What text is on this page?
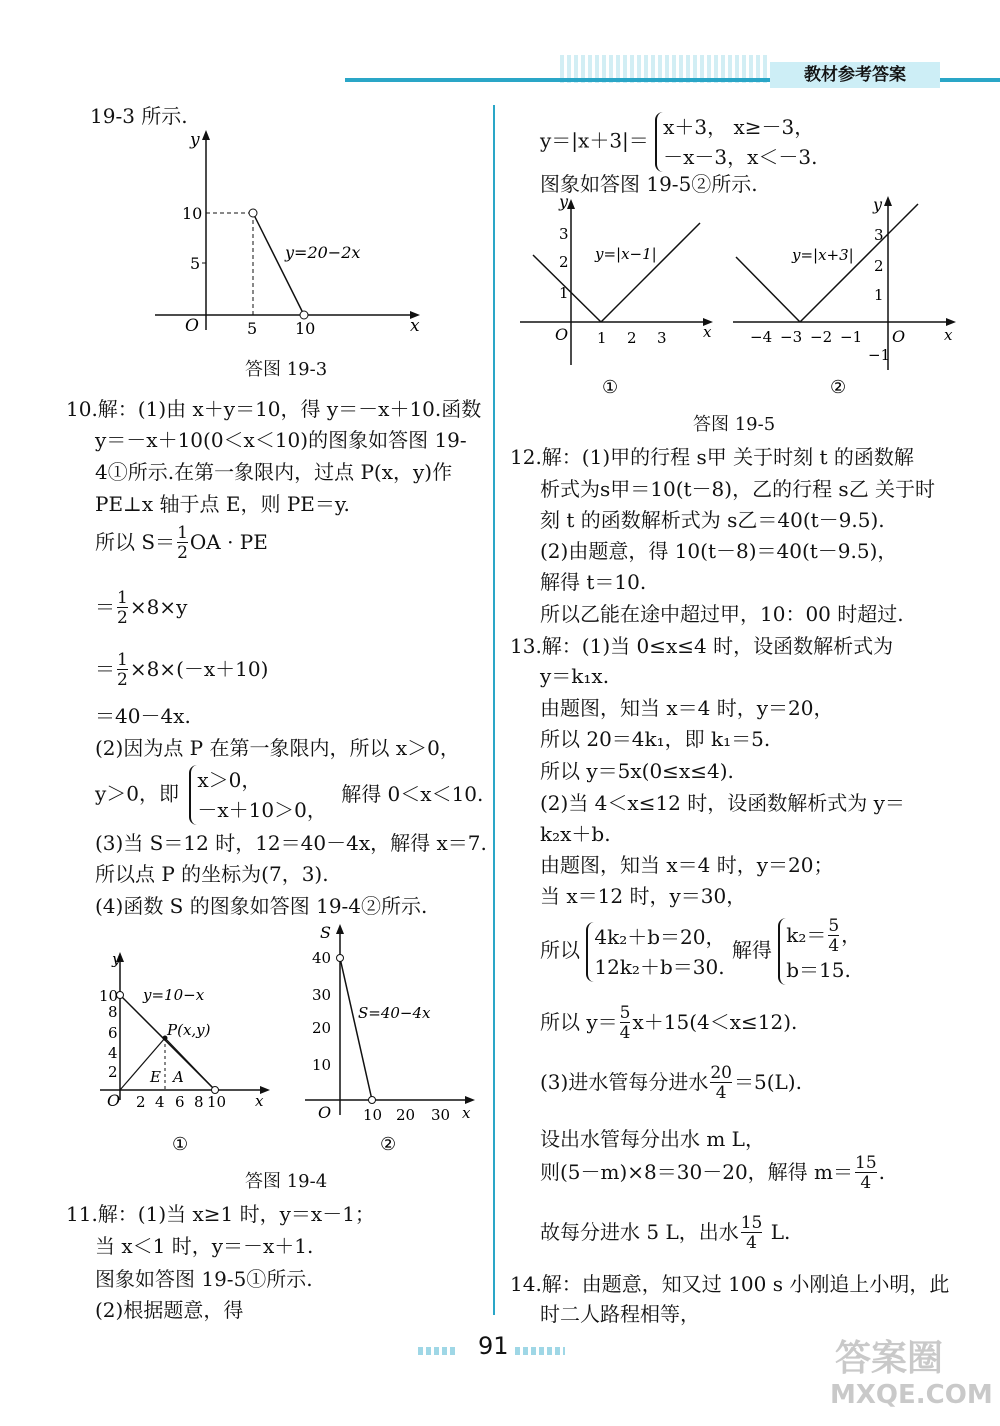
教材参考答案
19-3 所示.
y
x
O
10
5
5 10
y=20−2x
答图 19-3
10.解：(1)由 x＋y＝10，得 y＝－x＋10.函数
y＝－x＋10(0＜x＜10)的图象如答图 19-
4①所示.在第一象限内，过点 P(x，y)作
PE⊥x 轴于点 E，则 PE＝y.
所以 $S= \frac{1}{2}$ OA · PE
＝ $\frac{1}{2} \times 8\times y$
＝ $\frac{1}{2} \times 8\times(-x+10)$
＝40－4x.
(2)因为点 P 在第一象限内，所以 x＞0，
y＞0，即
x＞0，
－x＋10＞0，
解得 0＜x＜10.
(3)当 S＝12 时，12＝40－4x，解得 x＝7.
所以点 P 的坐标为(7，3).
(4)函数 S 的图象如答图 19-4②所示.
y
x
O
10
8
6
4
2
2 4 6 8 10
y=10−x
P(x,y)
E A
①
S
x
O
40
30
20
10
10 20 30
S=40−4x
②
答图 19-4
11.解：(1)当 x≥1 时，y＝x－1；
当 x＜1 时，y＝－x＋1.
图象如答图 19-5①所示.
(2)根据题意，得
y＝|x＋3|＝
x＋3， x≥－3，
－x－3，x＜－3.
图象如答图 19-5②所示.
y
x
O
3
2
1
1 2 3
y=|x−1|
①
y
x
O
3
2
1
−1
−4 −3 −2 −1
y=|x+3|
②
答图 19-5
12.解：(1)甲的行程 s甲 关于时刻 t 的函数解
析式为s甲＝10(t－8)，乙的行程 s乙 关于时
刻 t 的函数解析式为 s乙＝40(t－9.5).
(2)由题意，得 10(t－8)＝40(t－9.5)，
解得 t＝10.
所以乙能在途中超过甲，10：00 时超过.
13.解：(1)当 0≤x≤4 时，设函数解析式为
y＝k₁x.
由题图，知当 x＝4 时，y＝20，
所以 20＝4k₁，即 k₁＝5.
所以 y＝5x(0≤x≤4).
(2)当 4＜x≤12 时，设函数解析式为 y＝
k₂x＋b.
由题图，知当 x＝4 时，y＝20；
当 x＝12 时，y＝30，
所以
4k₂＋b＝20，
12k₂＋b＝30.
解得
$k_2= \frac{5}{4}$ ，
b＝15.
所以 $y= \frac{5}{4} x+15(4<x\le 12)$.
(3)进水管每分进水 $\frac{20}{4} =5(L)$.
设出水管每分出水 m L，
则(5－m)×8＝30－20，解得 $m= \frac{15}{4}$ .
故每分进水 5 L，出水 $\frac{15}{4} L$.
14.解：由题意，知又过 100 s 小刚追上小明，此
时二人路程相等，
91	答案圈
MXQE.COM
